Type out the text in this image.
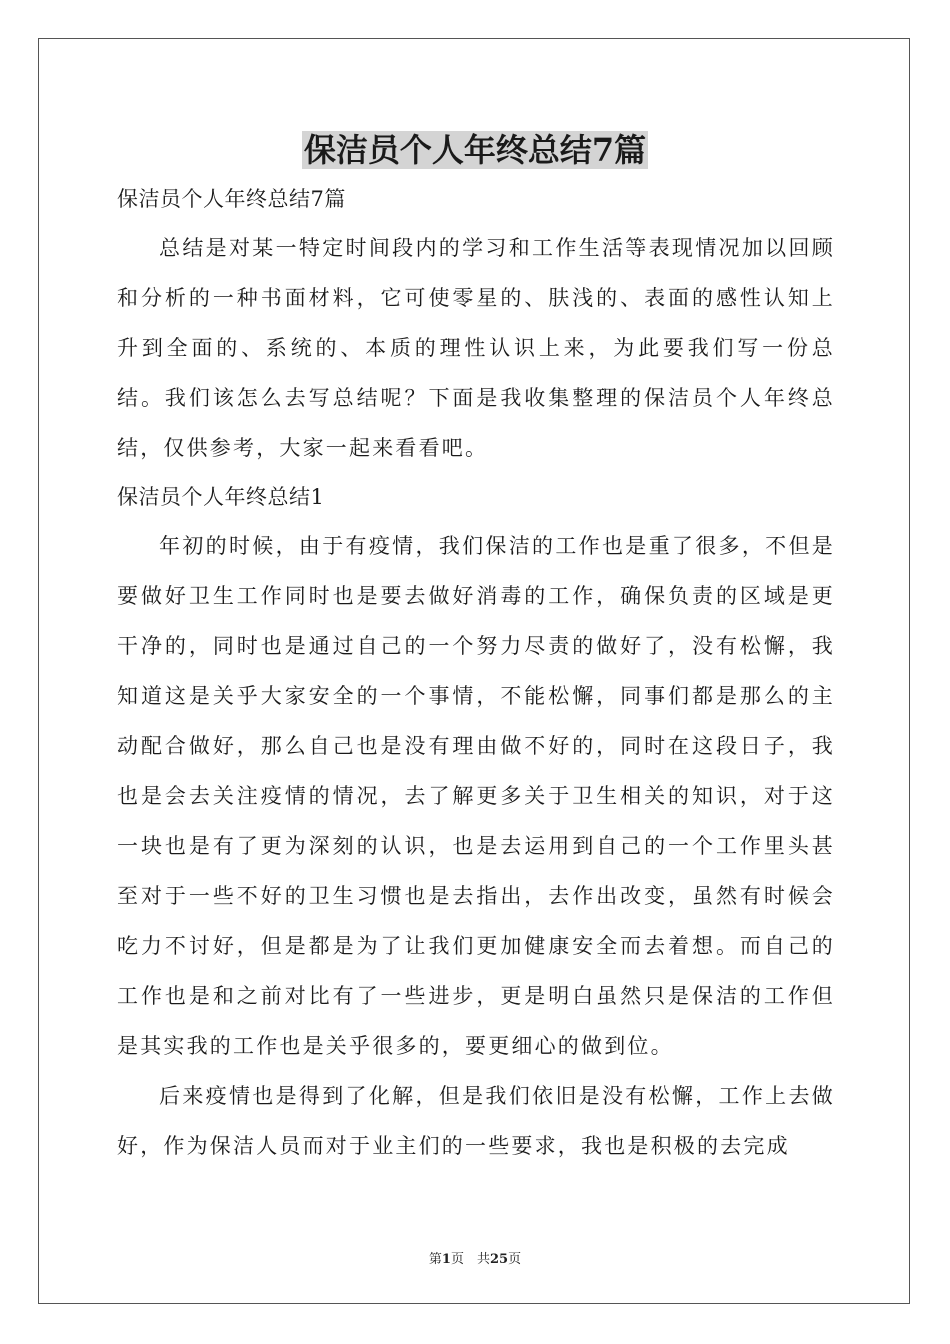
保洁员个人年终总结7篇

保洁员个人年终总结7篇

总结是对某一特定时间段内的学习和工作生活等表现情况加以回顾和分析的一种书面材料，它可使零星的、肤浅的、表面的感性认知上升到全面的、系统的、本质的理性认识上来，为此要我们写一份总结。我们该怎么去写总结呢？下面是我收集整理的保洁员个人年终总结，仅供参考，大家一起来看看吧。

保洁员个人年终总结1

年初的时候，由于有疫情，我们保洁的工作也是重了很多，不但是要做好卫生工作同时也是要去做好消毒的工作，确保负责的区域是更干净的，同时也是通过自己的一个努力尽责的做好了，没有松懈，我知道这是关乎大家安全的一个事情，不能松懈，同事们都是那么的主动配合做好，那么自己也是没有理由做不好的，同时在这段日子，我也是会去关注疫情的情况，去了解更多关于卫生相关的知识，对于这一块也是有了更为深刻的认识，也是去运用到自己的一个工作里头甚至对于一些不好的卫生习惯也是去指出，去作出改变，虽然有时候会吃力不讨好，但是都是为了让我们更加健康安全而去着想。而自己的工作也是和之前对比有了一些进步，更是明白虽然只是保洁的工作但是其实我的工作也是关乎很多的，要更细心的做到位。

后来疫情也是得到了化解，但是我们依旧是没有松懈，工作上去做好，作为保洁人员而对于业主们的一些要求，我也是积极的去完成

第1页　共25页
